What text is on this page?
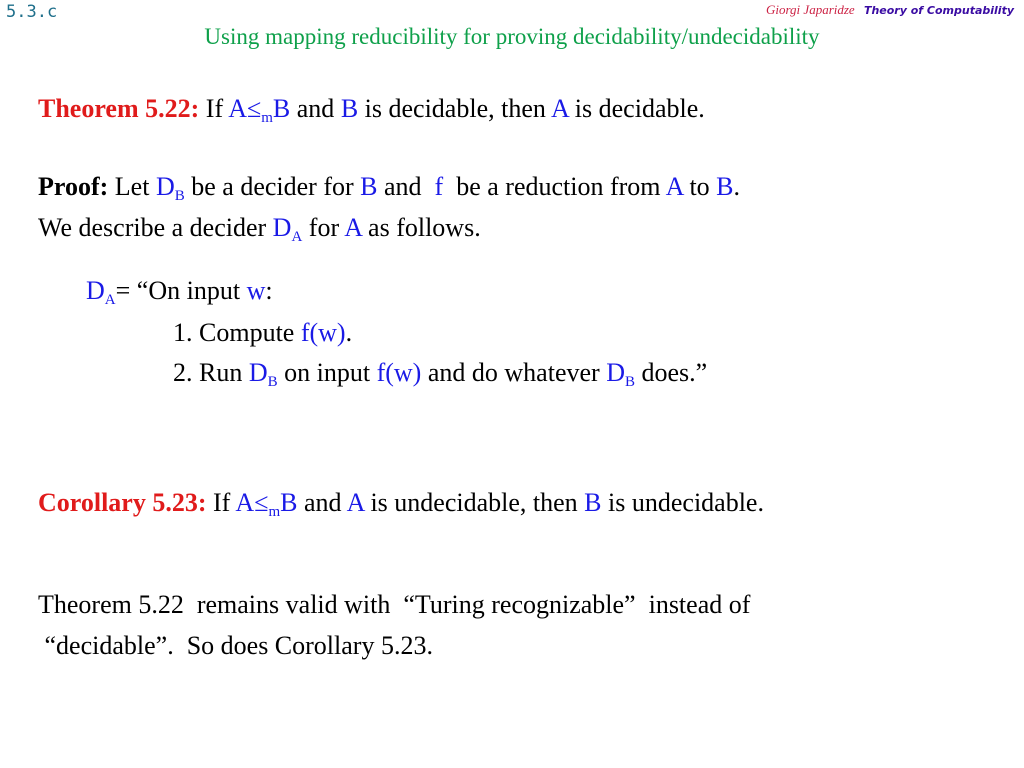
5.3.c	Giorgi Japaridze Theory of Computability
Using mapping reducibility for proving decidability/undecidability

Theorem 5.22: If $A\le_mB$ and B is decidable, then A is decidable.

Proof: Let $D_B$ be a decider for B and f be a reduction from A to B.

We describe a decider $D_A$ for A as follows.

$D_A=$ “On input w:

1. Compute f(w).

2. Run $D_B$ on input f(w) and do whatever $D_B$ does.”

Corollary 5.23: If $A\le_mB$ and A is undecidable, then B is undecidable.

Theorem 5.22  remains valid with  “Turing recognizable”  instead of

“decidable”.  So does Corollary 5.23.
